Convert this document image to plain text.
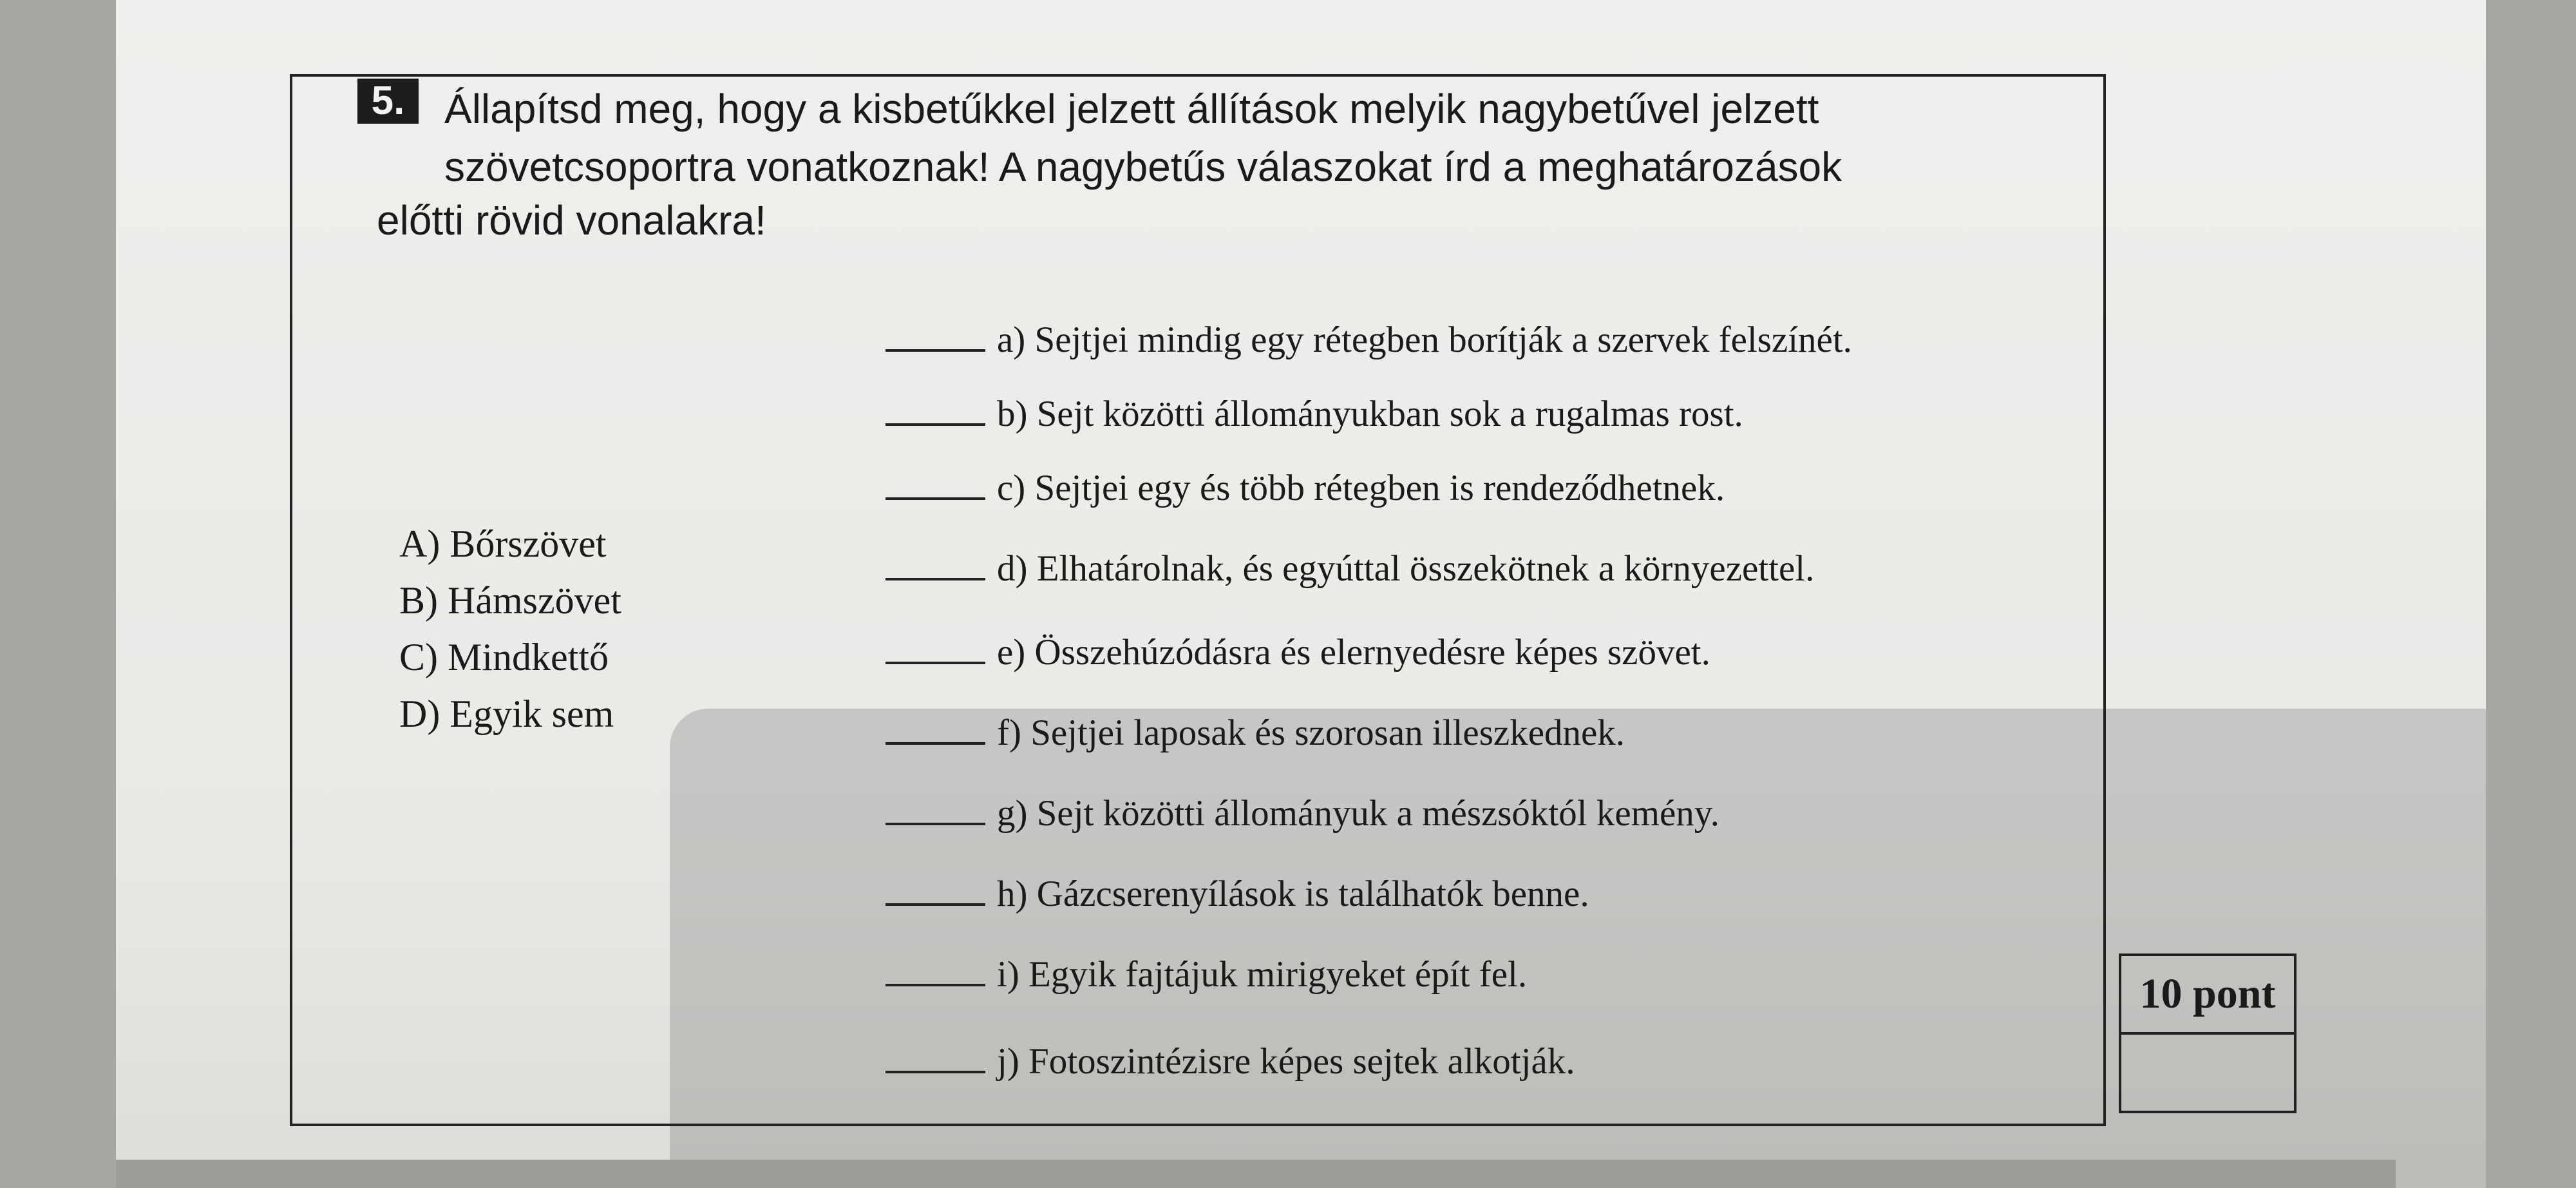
5. Állapítsd meg, hogy a kisbetűkkel jelzett állítások melyik nagybetűvel jelzett
szövetcsoportra vonatkoznak! A nagybetűs válaszokat írd a meghatározások
előtti rövid vonalakra!
A) Bőrszövet
B) Hámszövet
C) Mindkettő
D) Egyik sem
a) Sejtjei mindig egy rétegben borítják a szervek felszínét.
b) Sejt közötti állományukban sok a rugalmas rost.
c) Sejtjei egy és több rétegben is rendeződhetnek.
d) Elhatárolnak, és egyúttal összekötnek a környezettel.
e) Összehúzódásra és elernyedésre képes szövet.
f) Sejtjei laposak és szorosan illeszkednek.
g) Sejt közötti állományuk a mészsóktól kemény.
h) Gázcserenyílások is találhatók benne.
i) Egyik fajtájuk mirigyeket épít fel.
j) Fotoszintézisre képes sejtek alkotják.
10 pont
